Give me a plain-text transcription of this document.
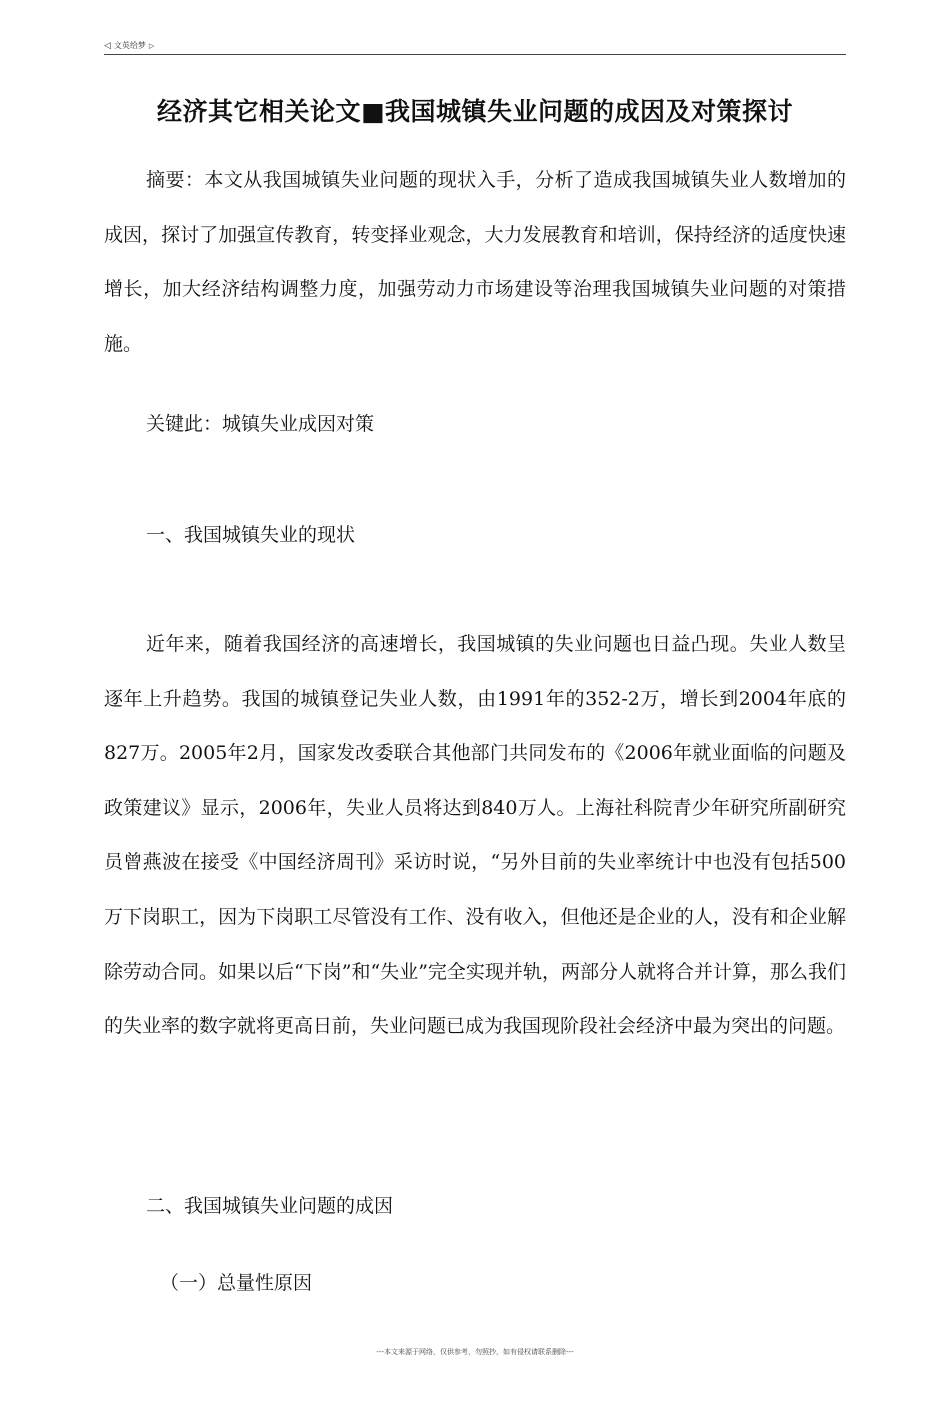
◁ 文英给梦 ▷
经济其它相关论文■我国城镇失业问题的成因及对策探讨

摘要：本文从我国城镇失业问题的现状入手，分析了造成我国城镇失业人数增加的成因，探讨了加强宣传教育，转变择业观念，大力发展教育和培训，保持经济的适度快速增长，加大经济结构调整力度，加强劳动力市场建设等治理我国城镇失业问题的对策措施。

关键此：城镇失业成因对策

一、我国城镇失业的现状

近年来，随着我国经济的高速增长，我国城镇的失业问题也日益凸现。失业人数呈逐年上升趋势。我国的城镇登记失业人数，由1991年的352-2万，增长到2004年底的827万。2005年2月，国家发改委联合其他部门共同发布的《2006年就业面临的问题及政策建议》显示，2006年，失业人员将达到840万人。上海社科院青少年研究所副研究员曾燕波在接受《中国经济周刊》采访时说，“另外目前的失业率统计中也没有包括500万下岗职工，因为下岗职工尽管没有工作、没有收入，但他还是企业的人，没有和企业解除劳动合同。如果以后“下岗”和“失业”完全实现并轨，两部分人就将合并计算，那么我们的失业率的数字就将更高日前，失业问题已成为我国现阶段社会经济中最为突出的问题。

二、我国城镇失业问题的成因

（一）总量性原因

---本文来源于网络，仅供参考，勿照抄，如有侵权请联系删除---
